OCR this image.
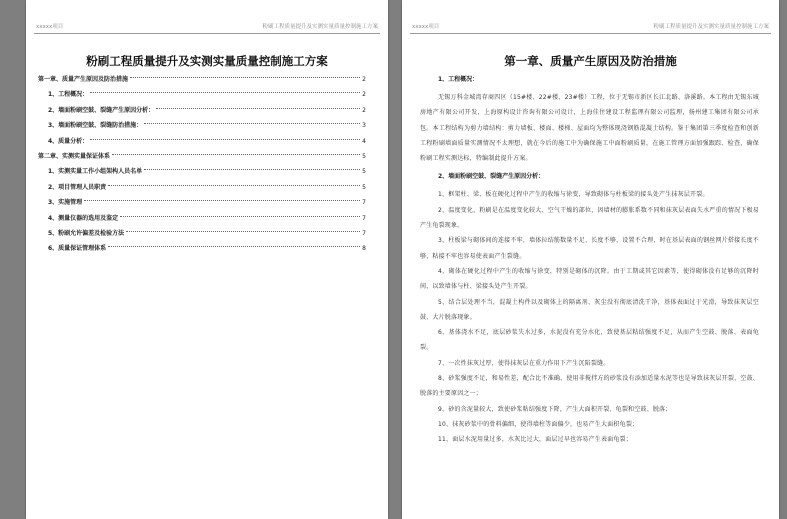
xxxxx项目	粉刷工程质量提升及实测实量质量控制施工方案
粉刷工程质量提升及实测实量质量控制施工方案
第一章、质量产生原因及防治措施	2
1、工程概况：	2
2、墙面粉刷空鼓、裂缝产生原因分析：	2
3、墙面粉刷空鼓、裂缝防治措施：	3
4、质量分析：	4
第二章、实测实量保证体系	5
1、实测实量工作小组架构人员名单	5
2、项目管理人员职责	5
3、实施管理	7
4、测量仪器的选用及鉴定	7
5、粉刷允许偏差及检验方法	7
6、质量保证管理体系	8
xxxxx项目	粉刷工程质量提升及实测实量质量控制施工方案
第一章、质量产生原因及防治措施
1、工程概况：

无锡万科金城湾存商四区（15#楼、22#楼、23#楼）工程，位于无锡市新区长江北路、洛溪路。本工程由无锡东城房地产有限公司开发，上海原构设计咨询有限公司设计，上海佳住建设工程监理有限公司监理，扬州建工集团有限公司承包。本工程结构为剪力墙结构：剪力墙板、楼面、楼梯、屋面均为整体现浇钢筋混凝土结构。鉴于集团第三季度检查和创新工程粉刷墙面质量实测情况不太理想，就在今后的施工中为确保施工中面粉刷质量，在施工管理方面加强跟踪、检查，确保粉刷工程实测达标，特编制此提升方案。

2、墙面粉刷空鼓、裂缝产生原因分析：

1、框架柱、梁、板在硬化过程中产生的收缩与徐变，导致砌体与柱板梁的接头处产生抹灰层开裂。

2、温度变化，粉刷是在温度变化较大、空气干燥的部位，因墙材的膨胀系数不同和抹灰层表面失水严重的情况下极易产生龟裂现象。

3、柱板梁与砌体间的连接不牢，墙体拉结筋数量不足、长度不够、设置不合理，时在基层表面的钢丝网片搭接长度不够，粘接不牢也容易使表面产生裂缝。

4、砌体在硬化过程中产生的收缩与徐变，特别是砌体的沉降。由于工期或其它因素等，使得砌体没有足够的沉降时间，以致墙体与柱、梁接头处产生开裂。

5、结合层处理不当，混凝土构件以及砌体上的隔离剂、灰尘没有彻底清洗干净，基体表面过于光滑，导致抹灰层空鼓、大片脱落现象。

6、基体浇水不足，底层砂浆失水过多，水泥没有充分水化，致使基层粘结强度不足，从而产生空鼓、脱落、表面龟裂。

7、一次性抹灰过厚，使得抹灰层在重力作用下产生沉陷裂缝。

8、砂浆强度不足，和易性差，配合比不准确，使用非搅拌方的砂浆没有添加适量水泥等也是导致抹灰层开裂、空鼓、脱落的主要原因之一；

9、砂的含泥量较大，致使砂浆粘结强度下降，产生大面积开裂、龟裂和空鼓、脱落；

10、抹灰砂浆中的骨料偏细，使得墙柱等面偏少，也易产生大面积龟裂；

11、面层水泥用量过多，水灰比过大，面层过早也容易产生表面龟裂；
